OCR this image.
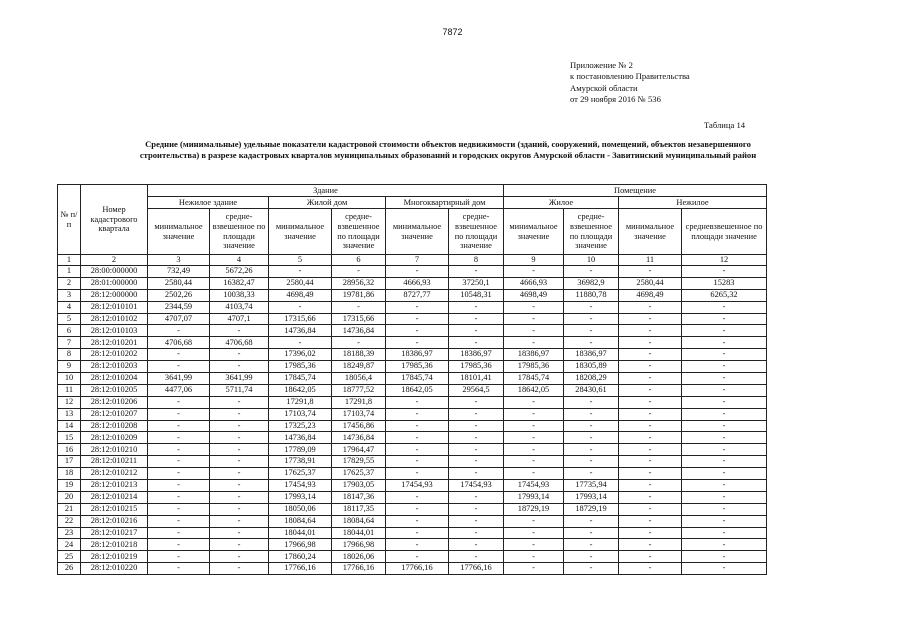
7872
Приложение № 2
к постановлению Правительства
Амурской области
от 29 ноября 2016 № 536
Таблица 14
Средние (минимальные) удельные показатели кадастровой стоимости объектов недвижимости (зданий, сооружений, помещений, объектов незавершенного
строительства) в разрезе кадастровых кварталов муниципальных образований и городских округов Амурской области - Завитинский муниципальный район
№ п/п	Номер кадастрового квартала	Здание						Помещение			
		Нежилое здание		Жилой дом		Многоквартирный дом		Жилое		Нежилое	
		минимальное значение	средневзвешенное по площади значение	минимальное значение	средневзвешенное по площади значение	минимальное значение	средневзвешенное по площади значение	минимальное значение	средневзвешенное по площади значение	минимальное значение	средневзвешенное по площади значение
1	2	3	4	5	6	7	8	9	10	11	12
1	28:00:000000	732,49	5672,26	-	-	-	-	-	-	-	-
2	28:01:000000	2580,44	16382,47	2580,44	28956,32	4666,93	37250,1	4666,93	36982,9	2580,44	15283
3	28:12:000000	2502,26	10038,33	4698,49	19781,86	8727,77	10548,31	4698,49	11880,78	4698,49	6265,32
4	28:12:010101	2344,59	4103,74	-	-	-	-	-	-	-	-
5	28:12:010102	4707,07	4707,1	17315,66	17315,66	-	-	-	-	-	-
6	28:12:010103	-	-	14736,84	14736,84	-	-	-	-	-	-
7	28:12:010201	4706,68	4706,68	-	-	-	-	-	-	-	-
8	28:12:010202	-	-	17396,02	18188,39	18386,97	18386,97	18386,97	18386,97	-	-
9	28:12:010203	-	-	17985,36	18249,87	17985,36	17985,36	17985,36	18305,89	-	-
10	28:12:010204	3641,99	3641,99	17845,74	18056,4	17845,74	18101,41	17845,74	18208,29	-	-
11	28:12:010205	4477,06	5711,74	18642,05	18777,52	18642,05	29564,5	18642,05	28430,61	-	-
12	28:12:010206	-	-	17291,8	17291,8	-	-	-	-	-	-
13	28:12:010207	-	-	17103,74	17103,74	-	-	-	-	-	-
14	28:12:010208	-	-	17325,23	17456,86	-	-	-	-	-	-
15	28:12:010209	-	-	14736,84	14736,84	-	-	-	-	-	-
16	28:12:010210	-	-	17789,09	17964,47	-	-	-	-	-	-
17	28:12:010211	-	-	17738,91	17829,55	-	-	-	-	-	-
18	28:12:010212	-	-	17625,37	17625,37	-	-	-	-	-	-
19	28:12:010213	-	-	17454,93	17903,05	17454,93	17454,93	17454,93	17735,94	-	-
20	28:12:010214	-	-	17993,14	18147,36	-	-	17993,14	17993,14	-	-
21	28:12:010215	-	-	18050,06	18117,35	-	-	18729,19	18729,19	-	-
22	28:12:010216	-	-	18084,64	18084,64	-	-	-	-	-	-
23	28:12:010217	-	-	18044,01	18044,01	-	-	-	-	-	-
24	28:12:010218	-	-	17966,98	17966,98	-	-	-	-	-	-
25	28:12:010219	-	-	17860,24	18026,06	-	-	-	-	-	-
26	28:12:010220	-	-	17766,16	17766,16	17766,16	17766,16	-	-	-	-
